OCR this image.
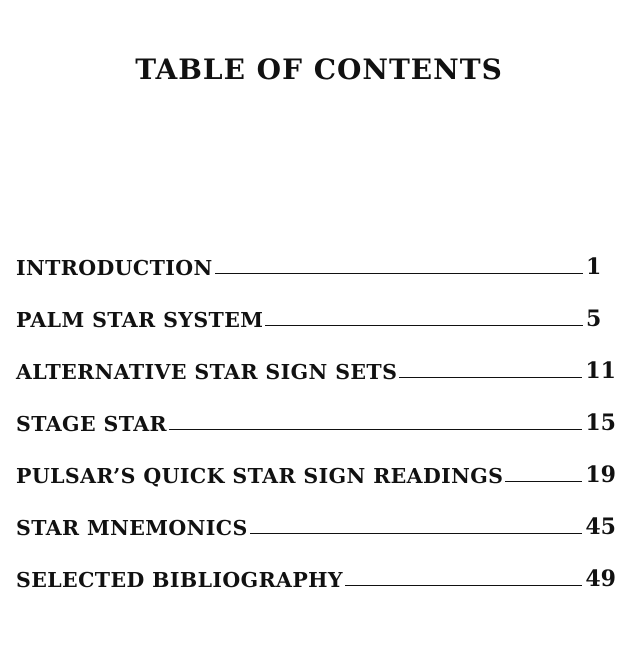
TABLE OF CONTENTS
INTRODUCTION	1
PALM STAR SYSTEM	5
ALTERNATIVE STAR SIGN SETS	11
STAGE STAR	15
PULSAR’S QUICK STAR SIGN READINGS	19
STAR MNEMONICS	45
SELECTED BIBLIOGRAPHY	49
